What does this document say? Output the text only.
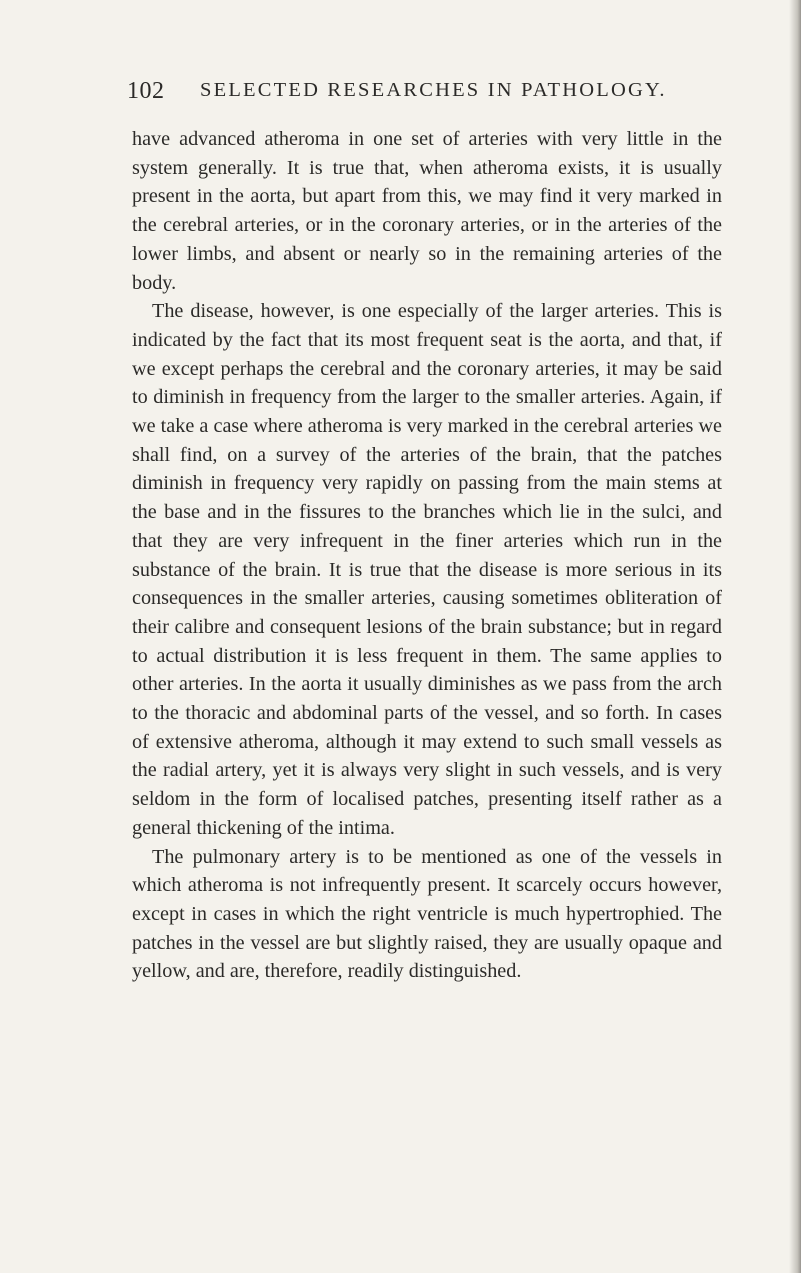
102 SELECTED RESEARCHES IN PATHOLOGY.

have advanced atheroma in one set of arteries with very little in the system generally. It is true that, when atheroma exists, it is usually present in the aorta, but apart from this, we may find it very marked in the cerebral arteries, or in the coronary arteries, or in the arteries of the lower limbs, and absent or nearly so in the remaining arteries of the body.

The disease, however, is one especially of the larger arteries. This is indicated by the fact that its most frequent seat is the aorta, and that, if we except perhaps the cerebral and the coronary arteries, it may be said to diminish in frequency from the larger to the smaller arteries. Again, if we take a case where atheroma is very marked in the cerebral arteries we shall find, on a survey of the arteries of the brain, that the patches diminish in frequency very rapidly on passing from the main stems at the base and in the fissures to the branches which lie in the sulci, and that they are very infrequent in the finer arteries which run in the substance of the brain. It is true that the disease is more serious in its consequences in the smaller arteries, causing sometimes obliteration of their calibre and consequent lesions of the brain substance; but in regard to actual distribution it is less frequent in them. The same applies to other arteries. In the aorta it usually diminishes as we pass from the arch to the thoracic and abdominal parts of the vessel, and so forth. In cases of extensive atheroma, although it may extend to such small vessels as the radial artery, yet it is always very slight in such vessels, and is very seldom in the form of localised patches, presenting itself rather as a general thickening of the intima.

The pulmonary artery is to be mentioned as one of the vessels in which atheroma is not infrequently present. It scarcely occurs however, except in cases in which the right ventricle is much hypertrophied. The patches in the vessel are but slightly raised, they are usually opaque and yellow, and are, therefore, readily distinguished.
